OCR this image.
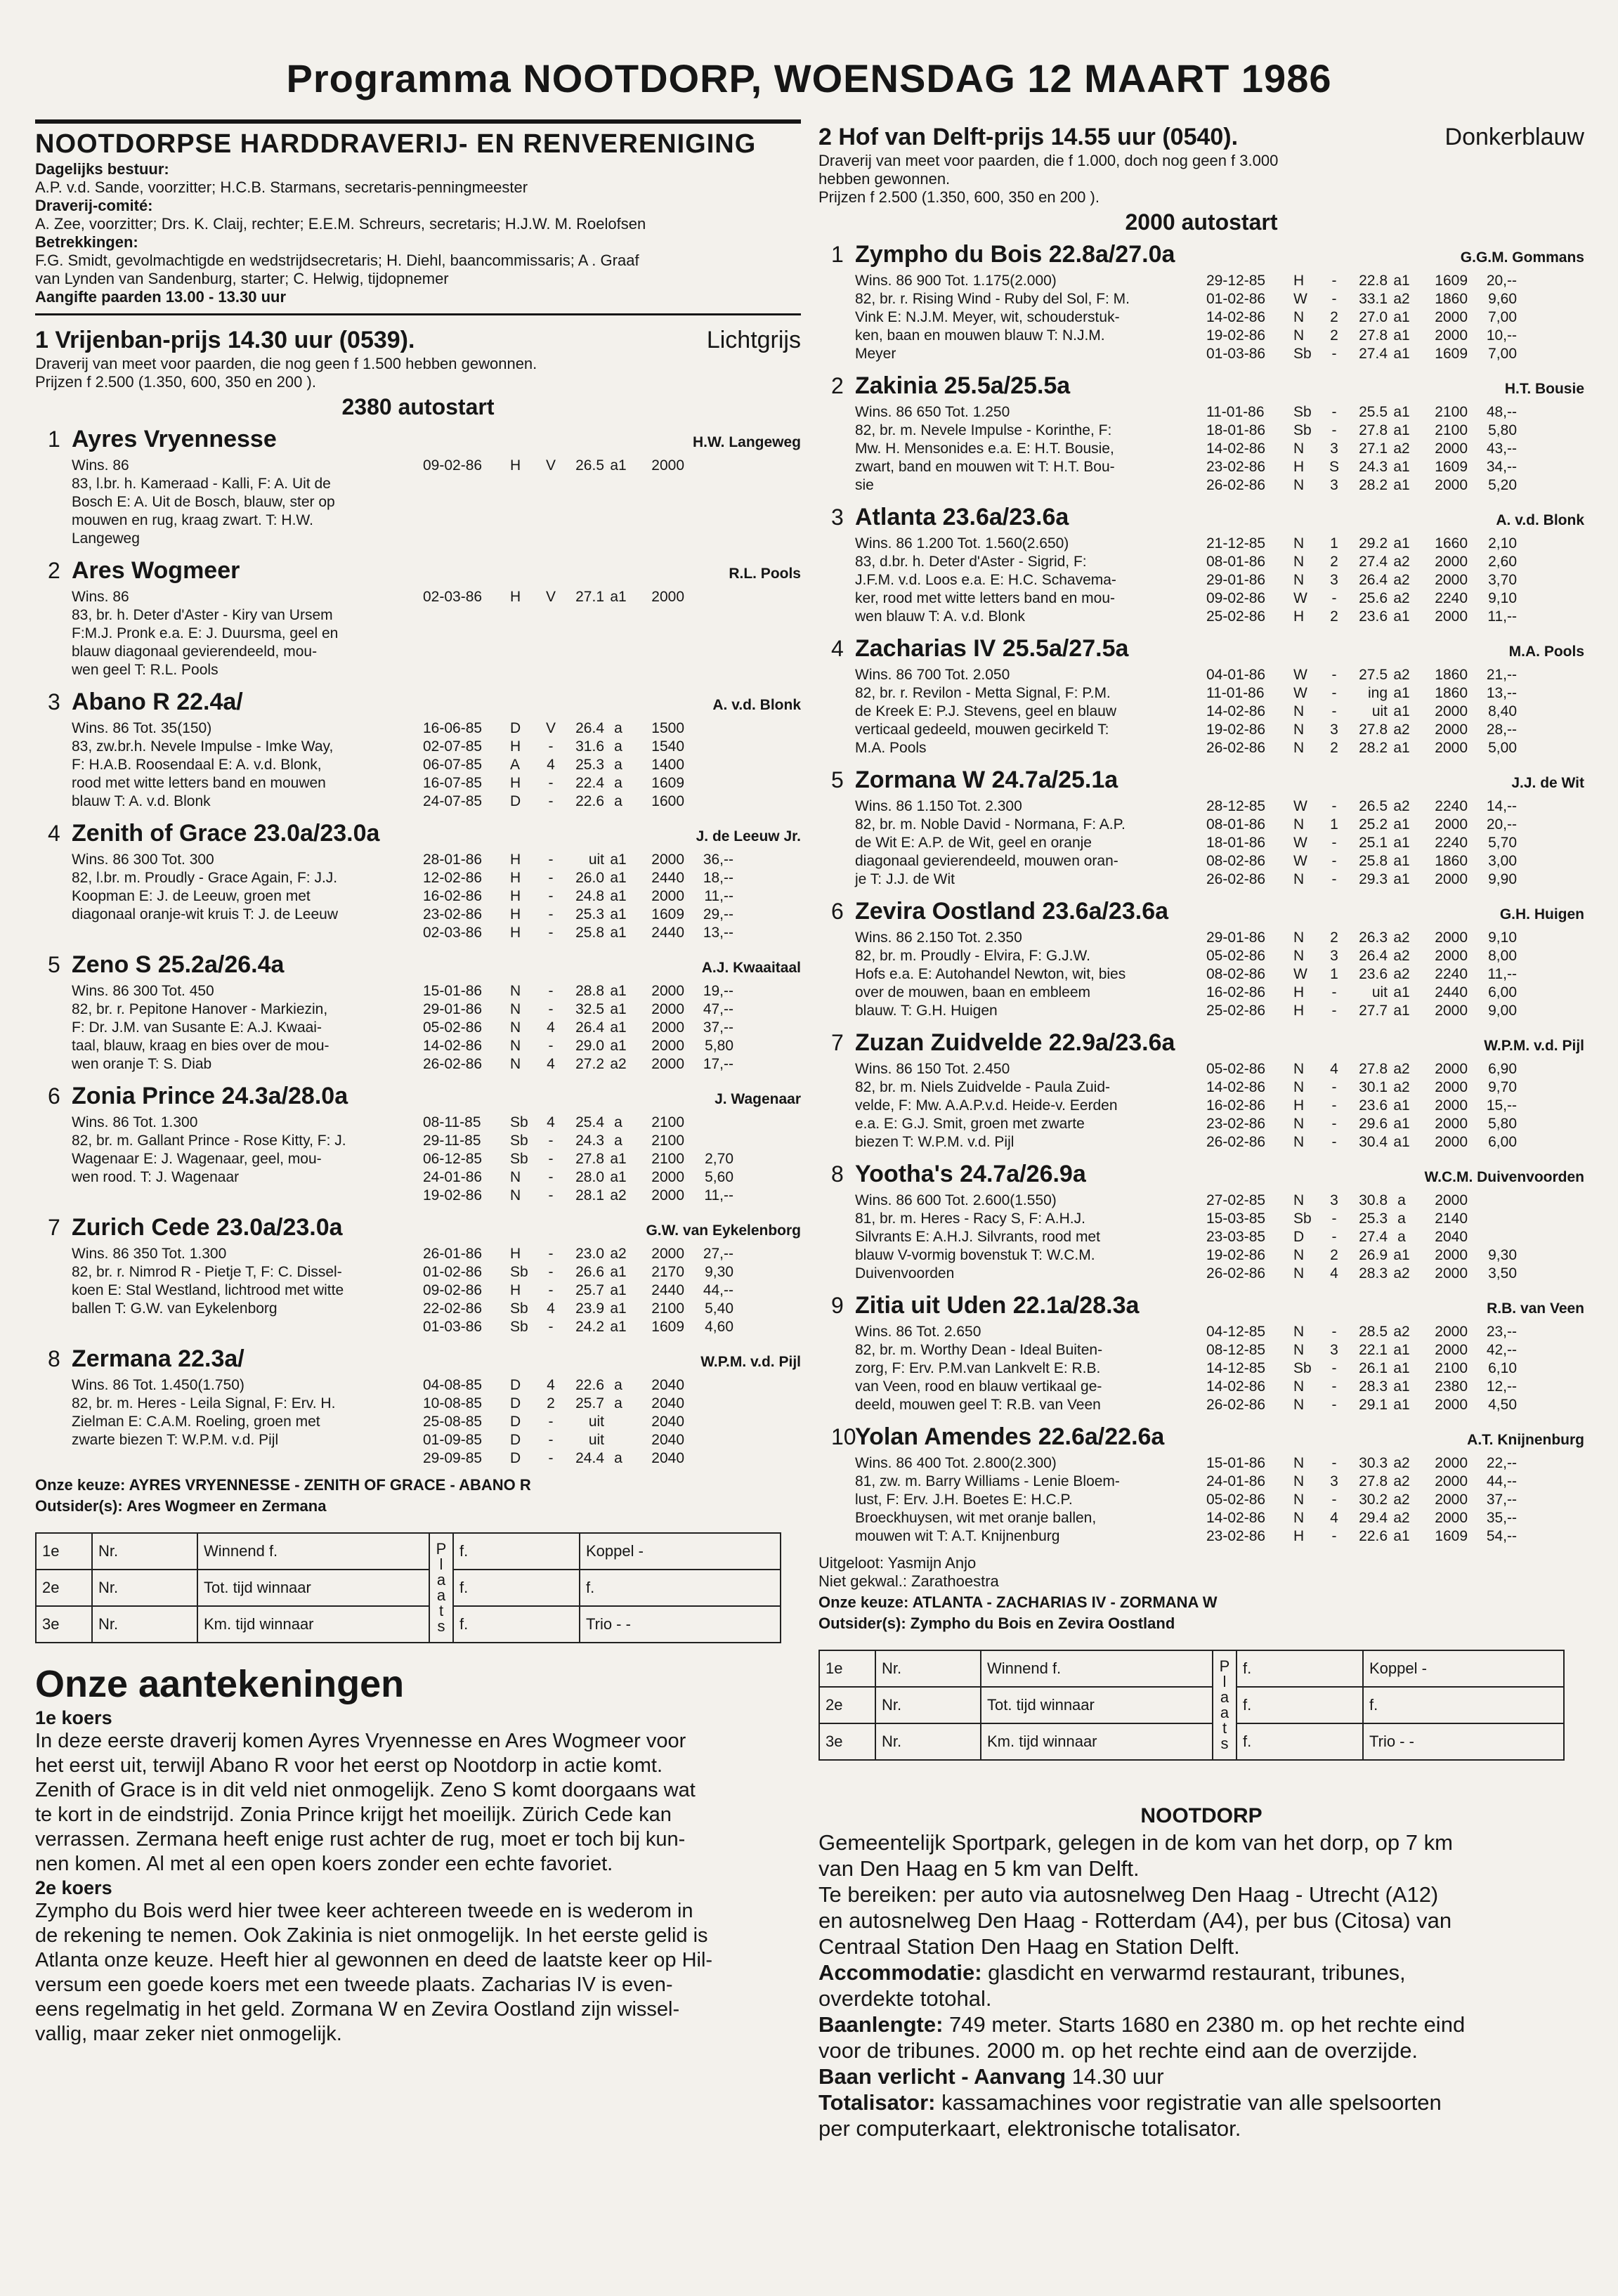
Programma NOOTDORP, WOENSDAG 12 MAART 1986
NOOTDORPSE HARDDRAVERIJ- EN RENVERENIGING
Dagelijks bestuur:
A.P. v.d. Sande, voorzitter; H.C.B. Starmans, secretaris-penningmeester
Draverij-comité:
A. Zee, voorzitter; Drs. K. Claij, rechter; E.E.M. Schreurs, secretaris; H.J.W. M. Roelofsen
Betrekkingen:
F.G. Smidt, gevolmachtigde en wedstrijdsecretaris; H. Diehl, baancommissaris; A . Graaf
van Lynden van Sandenburg, starter; C. Helwig, tijdopnemer
Aangifte paarden 13.00 - 13.30 uur
1 Vrijenban-prijs 14.30 uur (0539).	Lichtgrijs
Draverij van meet voor paarden, die nog geen f 1.500 hebben gewonnen.
Prijzen f 2.500 (1.350, 600, 350 en 200 ).
2380 autostart
1 Ayres Vryennesse	H.W. Langeweg
Wins. 86
83, l.br. h. Kameraad - Kalli, F: A. Uit de
Bosch E: A. Uit de Bosch, blauw, ster op
mouwen en rug, kraag zwart. T: H.W.
Langeweg
09-02-86	H	V	26.5 a1	2000
2 Ares Wogmeer	R.L. Pools
Wins. 86
83, br. h. Deter d'Aster - Kiry van Ursem
F:M.J. Pronk e.a. E: J. Duursma, geel en
blauw diagonaal gevierendeeld, mou-
wen geel T: R.L. Pools
02-03-86	H	V	27.1 a1	2000
3 Abano R 22.4a/	A. v.d. Blonk
Wins. 86 Tot. 35(150)
83, zw.br.h. Nevele Impulse - Imke Way,
F: H.A.B. Roosendaal E: A. v.d. Blonk,
rood met witte letters band en mouwen
blauw T: A. v.d. Blonk
16-06-85	D	V	26.4 a	1500
02-07-85	H	-	31.6 a	1540
06-07-85	A	4	25.3 a	1400
16-07-85	H	-	22.4 a	1609
24-07-85	D	-	22.6 a	1600
4 Zenith of Grace 23.0a/23.0a	J. de Leeuw Jr.
Wins. 86 300 Tot. 300
82, l.br. m. Proudly - Grace Again, F: J.J.
Koopman E: J. de Leeuw, groen met
diagonaal oranje-wit kruis T: J. de Leeuw
28-01-86	H	-	uit a1	2000	36,--
12-02-86	H	-	26.0 a1	2440	18,--
16-02-86	H	-	24.8 a1	2000	11,--
23-02-86	H	-	25.3 a1	1609	29,--
02-03-86	H	-	25.8 a1	2440	13,--
5 Zeno S 25.2a/26.4a	A.J. Kwaaitaal
Wins. 86 300 Tot. 450
82, br. r. Pepitone Hanover - Markiezin,
F: Dr. J.M. van Susante E: A.J. Kwaai-
taal, blauw, kraag en bies over de mou-
wen oranje T: S. Diab
15-01-86	N	-	28.8 a1	2000	19,--
29-01-86	N	-	32.5 a1	2000	47,--
05-02-86	N	4	26.4 a1	2000	37,--
14-02-86	N	-	29.0 a1	2000	5,80
26-02-86	N	4	27.2 a2	2000	17,--
6 Zonia Prince 24.3a/28.0a	J. Wagenaar
Wins. 86 Tot. 1.300
82, br. m. Gallant Prince - Rose Kitty, F: J.
Wagenaar E: J. Wagenaar, geel, mou-
wen rood. T: J. Wagenaar
08-11-85	Sb	4	25.4 a	2100
29-11-85	Sb	-	24.3 a	2100
06-12-85	Sb	-	27.8 a1	2100	2,70
24-01-86	N	-	28.0 a1	2000	5,60
19-02-86	N	-	28.1 a2	2000	11,--
7 Zurich Cede 23.0a/23.0a	G.W. van Eykelenborg
Wins. 86 350 Tot. 1.300
82, br. r. Nimrod R - Pietje T, F: C. Dissel-
koen E: Stal Westland, lichtrood met witte
ballen T: G.W. van Eykelenborg
26-01-86	H	-	23.0 a2	2000	27,--
01-02-86	Sb	-	26.6 a1	2170	9,30
09-02-86	H	-	25.7 a1	2440	44,--
22-02-86	Sb	4	23.9 a1	2100	5,40
01-03-86	Sb	-	24.2 a1	1609	4,60
8 Zermana 22.3a/	W.P.M. v.d. Pijl
Wins. 86 Tot. 1.450(1.750)
82, br. m. Heres - Leila Signal, F: Erv. H.
Zielman E: C.A.M. Roeling, groen met
zwarte biezen T: W.P.M. v.d. Pijl
04-08-85	D	4	22.6 a	2040
10-08-85	D	2	25.7 a	2040
25-08-85	D	-	uit	2040
01-09-85	D	-	uit	2040
29-09-85	D	-	24.4 a	2040
Onze keuze: AYRES VRYENNESSE - ZENITH OF GRACE - ABANO R
Outsider(s): Ares Wogmeer en Zermana
1e	Nr.	Winnend f.	P l a a t s	f.	Koppel -
2e	Nr.	Tot. tijd winnaar		f.	f.
3e	Nr.	Km. tijd winnaar		f.	Trio - -
Onze aantekeningen
1e koers
In deze eerste draverij komen Ayres Vryennesse en Ares Wogmeer voor
het eerst uit, terwijl Abano R voor het eerst op Nootdorp in actie komt.
Zenith of Grace is in dit veld niet onmogelijk. Zeno S komt doorgaans wat
te kort in de eindstrijd. Zonia Prince krijgt het moeilijk. Zürich Cede kan
verrassen. Zermana heeft enige rust achter de rug, moet er toch bij kun-
nen komen. Al met al een open koers zonder een echte favoriet.
2e koers
Zympho du Bois werd hier twee keer achtereen tweede en is wederom in
de rekening te nemen. Ook Zakinia is niet onmogelijk. In het eerste gelid is
Atlanta onze keuze. Heeft hier al gewonnen en deed de laatste keer op Hil-
versum een goede koers met een tweede plaats. Zacharias IV is even-
eens regelmatig in het geld. Zormana W en Zevira Oostland zijn wissel-
vallig, maar zeker niet onmogelijk.
2 Hof van Delft-prijs 14.55 uur (0540).	Donkerblauw
Draverij van meet voor paarden, die f 1.000, doch nog geen f 3.000
hebben gewonnen.
Prijzen f 2.500 (1.350, 600, 350 en 200 ).
2000 autostart
1 Zympho du Bois 22.8a/27.0a	G.G.M. Gommans
Wins. 86 900 Tot. 1.175(2.000)
82, br. r. Rising Wind - Ruby del Sol, F: M.
Vink E: N.J.M. Meyer, wit, schouderstuk-
ken, baan en mouwen blauw T: N.J.M.
Meyer
29-12-85	H	-	22.8 a1	1609	20,--
01-02-86	W	-	33.1 a2	1860	9,60
14-02-86	N	2	27.0 a1	2000	7,00
19-02-86	N	2	27.8 a1	2000	10,--
01-03-86	Sb	-	27.4 a1	1609	7,00
2 Zakinia 25.5a/25.5a	H.T. Bousie
Wins. 86 650 Tot. 1.250
82, br. m. Nevele Impulse - Korinthe, F:
Mw. H. Mensonides e.a. E: H.T. Bousie,
zwart, band en mouwen wit T: H.T. Bou-
sie
11-01-86	Sb	-	25.5 a1	2100	48,--
18-01-86	Sb	-	27.8 a1	2100	5,80
14-02-86	N	3	27.1 a2	2000	43,--
23-02-86	H	S	24.3 a1	1609	34,--
26-02-86	N	3	28.2 a1	2000	5,20
3 Atlanta 23.6a/23.6a	A. v.d. Blonk
Wins. 86 1.200 Tot. 1.560(2.650)
83, d.br. h. Deter d'Aster - Sigrid, F:
J.F.M. v.d. Loos e.a. E: H.C. Schavema-
ker, rood met witte letters band en mou-
wen blauw T: A. v.d. Blonk
21-12-85	N	1	29.2 a1	1660	2,10
08-01-86	N	2	27.4 a2	2000	2,60
29-01-86	N	3	26.4 a2	2000	3,70
09-02-86	W	-	25.6 a2	2240	9,10
25-02-86	H	2	23.6 a1	2000	11,--
4 Zacharias IV 25.5a/27.5a	M.A. Pools
Wins. 86 700 Tot. 2.050
82, br. r. Revilon - Metta Signal, F: P.M.
de Kreek E: P.J. Stevens, geel en blauw
verticaal gedeeld, mouwen gecirkeld T:
M.A. Pools
04-01-86	W	-	27.5 a2	1860	21,--
11-01-86	W	-	ing a1	1860	13,--
14-02-86	N	-	uit a1	2000	8,40
19-02-86	N	3	27.8 a2	2000	28,--
26-02-86	N	2	28.2 a1	2000	5,00
5 Zormana W 24.7a/25.1a	J.J. de Wit
Wins. 86 1.150 Tot. 2.300
82, br. m. Noble David - Normana, F: A.P.
de Wit E: A.P. de Wit, geel en oranje
diagonaal gevierendeeld, mouwen oran-
je T: J.J. de Wit
28-12-85	W	-	26.5 a2	2240	14,--
08-01-86	N	1	25.2 a1	2000	20,--
18-01-86	W	-	25.1 a1	2240	5,70
08-02-86	W	-	25.8 a1	1860	3,00
26-02-86	N	-	29.3 a1	2000	9,90
6 Zevira Oostland 23.6a/23.6a	G.H. Huigen
Wins. 86 2.150 Tot. 2.350
82, br. m. Proudly - Elvira, F: G.J.W.
Hofs e.a. E: Autohandel Newton, wit, bies
over de mouwen, baan en embleem
blauw. T: G.H. Huigen
29-01-86	N	2	26.3 a2	2000	9,10
05-02-86	N	3	26.4 a2	2000	8,00
08-02-86	W	1	23.6 a2	2240	11,--
16-02-86	H	-	uit a1	2440	6,00
25-02-86	H	-	27.7 a1	2000	9,00
7 Zuzan Zuidvelde 22.9a/23.6a	W.P.M. v.d. Pijl
Wins. 86 150 Tot. 2.450
82, br. m. Niels Zuidvelde - Paula Zuid-
velde, F: Mw. A.A.P.v.d. Heide-v. Eerden
e.a. E: G.J. Smit, groen met zwarte
biezen T: W.P.M. v.d. Pijl
05-02-86	N	4	27.8 a2	2000	6,90
14-02-86	N	-	30.1 a2	2000	9,70
16-02-86	H	-	23.6 a1	2000	15,--
23-02-86	N	-	29.6 a1	2000	5,80
26-02-86	N	-	30.4 a1	2000	6,00
8 Yootha's 24.7a/26.9a	W.C.M. Duivenvoorden
Wins. 86 600 Tot. 2.600(1.550)
81, br. m. Heres - Racy S, F: A.H.J.
Silvrants E: A.H.J. Silvrants, rood met
blauw V-vormig bovenstuk T: W.C.M.
Duivenvoorden
27-02-85	N	3	30.8 a	2000
15-03-85	Sb	-	25.3 a	2140
23-03-85	D	-	27.4 a	2040
19-02-86	N	2	26.9 a1	2000	9,30
26-02-86	N	4	28.3 a2	2000	3,50
9 Zitia uit Uden 22.1a/28.3a	R.B. van Veen
Wins. 86 Tot. 2.650
82, br. m. Worthy Dean - Ideal Buiten-
zorg, F: Erv. P.M.van Lankvelt E: R.B.
van Veen, rood en blauw vertikaal ge-
deeld, mouwen geel T: R.B. van Veen
04-12-85	N	-	28.5 a2	2000	23,--
08-12-85	N	3	22.1 a1	2000	42,--
14-12-85	Sb	-	26.1 a1	2100	6,10
14-02-86	N	-	28.3 a1	2380	12,--
26-02-86	N	-	29.1 a1	2000	4,50
10
Yolan Amendes 22.6a/22.6a	A.T. Knijnenburg
Wins. 86 400 Tot. 2.800(2.300)
81, zw. m. Barry Williams - Lenie Bloem-
lust, F: Erv. J.H. Boetes E: H.C.P.
Broeckhuysen, wit met oranje ballen,
mouwen wit T: A.T. Knijnenburg
15-01-86	N	-	30.3 a2	2000	22,--
24-01-86	N	3	27.8 a2	2000	44,--
05-02-86	N	-	30.2 a2	2000	37,--
14-02-86	N	4	29.4 a2	2000	35,--
23-02-86	H	-	22.6 a1	1609	54,--
Uitgeloot: Yasmijn Anjo
Niet gekwal.: Zarathoestra
Onze keuze: ATLANTA - ZACHARIAS IV - ZORMANA W
Outsider(s): Zympho du Bois en Zevira Oostland
1e	Nr.	Winnend f.	P l a a t s	f.	Koppel -
2e	Nr.	Tot. tijd winnaar		f.	f.
3e	Nr.	Km. tijd winnaar		f.	Trio - -
NOOTDORP
Gemeentelijk Sportpark, gelegen in de kom van het dorp, op 7 km
van Den Haag en 5 km van Delft.
Te bereiken: per auto via autosnelweg Den Haag - Utrecht (A12)
en autosnelweg Den Haag - Rotterdam (A4), per bus (Citosa) van
Centraal Station Den Haag en Station Delft.
Accommodatie: glasdicht en verwarmd restaurant, tribunes,
overdekte totohal.
Baanlengte: 749 meter. Starts 1680 en 2380 m. op het rechte eind
voor de tribunes. 2000 m. op het rechte eind aan de overzijde.
Baan verlicht - Aanvang 14.30 uur
Totalisator: kassamachines voor registratie van alle spelsoorten
per computerkaart, elektronische totalisator.
